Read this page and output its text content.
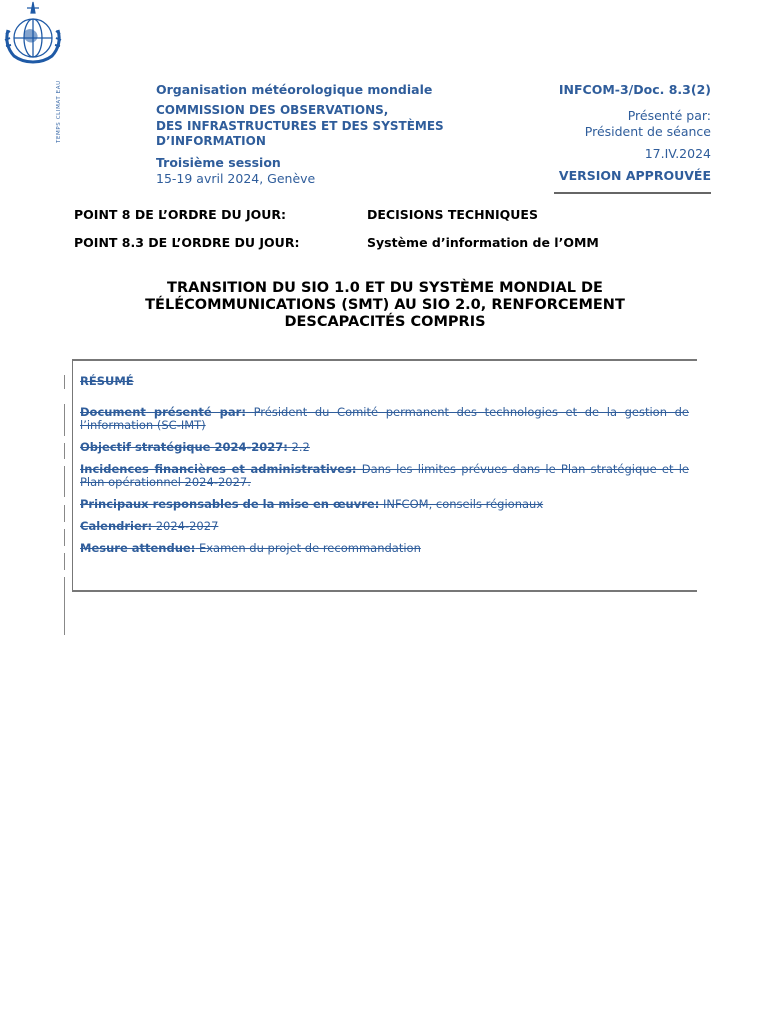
TEMPS CLIMAT EAU	Organisation météorologique mondiale
COMMISSION DES OBSERVATIONS,
DES INFRASTRUCTURES ET DES SYSTÈMES
D’INFORMATION
Troisième session
15-19 avril 2024, Genève
INFCOM-3/Doc. 8.3(2)
Présenté par:
Président de séance
17.IV.2024
VERSION APPROUVÉE
POINT 8 DE L’ORDRE DU JOUR:	DECISIONS TECHNIQUES
POINT 8.3 DE L’ORDRE DU JOUR:	Système d’information de l’OMM
TRANSITION DU SIO 1.0 ET DU SYSTÈME MONDIAL DE
TÉLÉCOMMUNICATIONS (SMT) AU SIO 2.0, RENFORCEMENT
DESCAPACITÉS COMPRIS
RÉSUMÉ
Document présenté par: Président du Comité permanent des technologies et de la gestion de l’information (SC-IMT)
Objectif stratégique 2024-2027: 2.2
Incidences financières et administratives: Dans les limites prévues dans le Plan stratégique et le Plan opérationnel 2024-2027.
Principaux responsables de la mise en œuvre: INFCOM, conseils régionaux
Calendrier: 2024-2027
Mesure attendue: Examen du projet de recommandation
